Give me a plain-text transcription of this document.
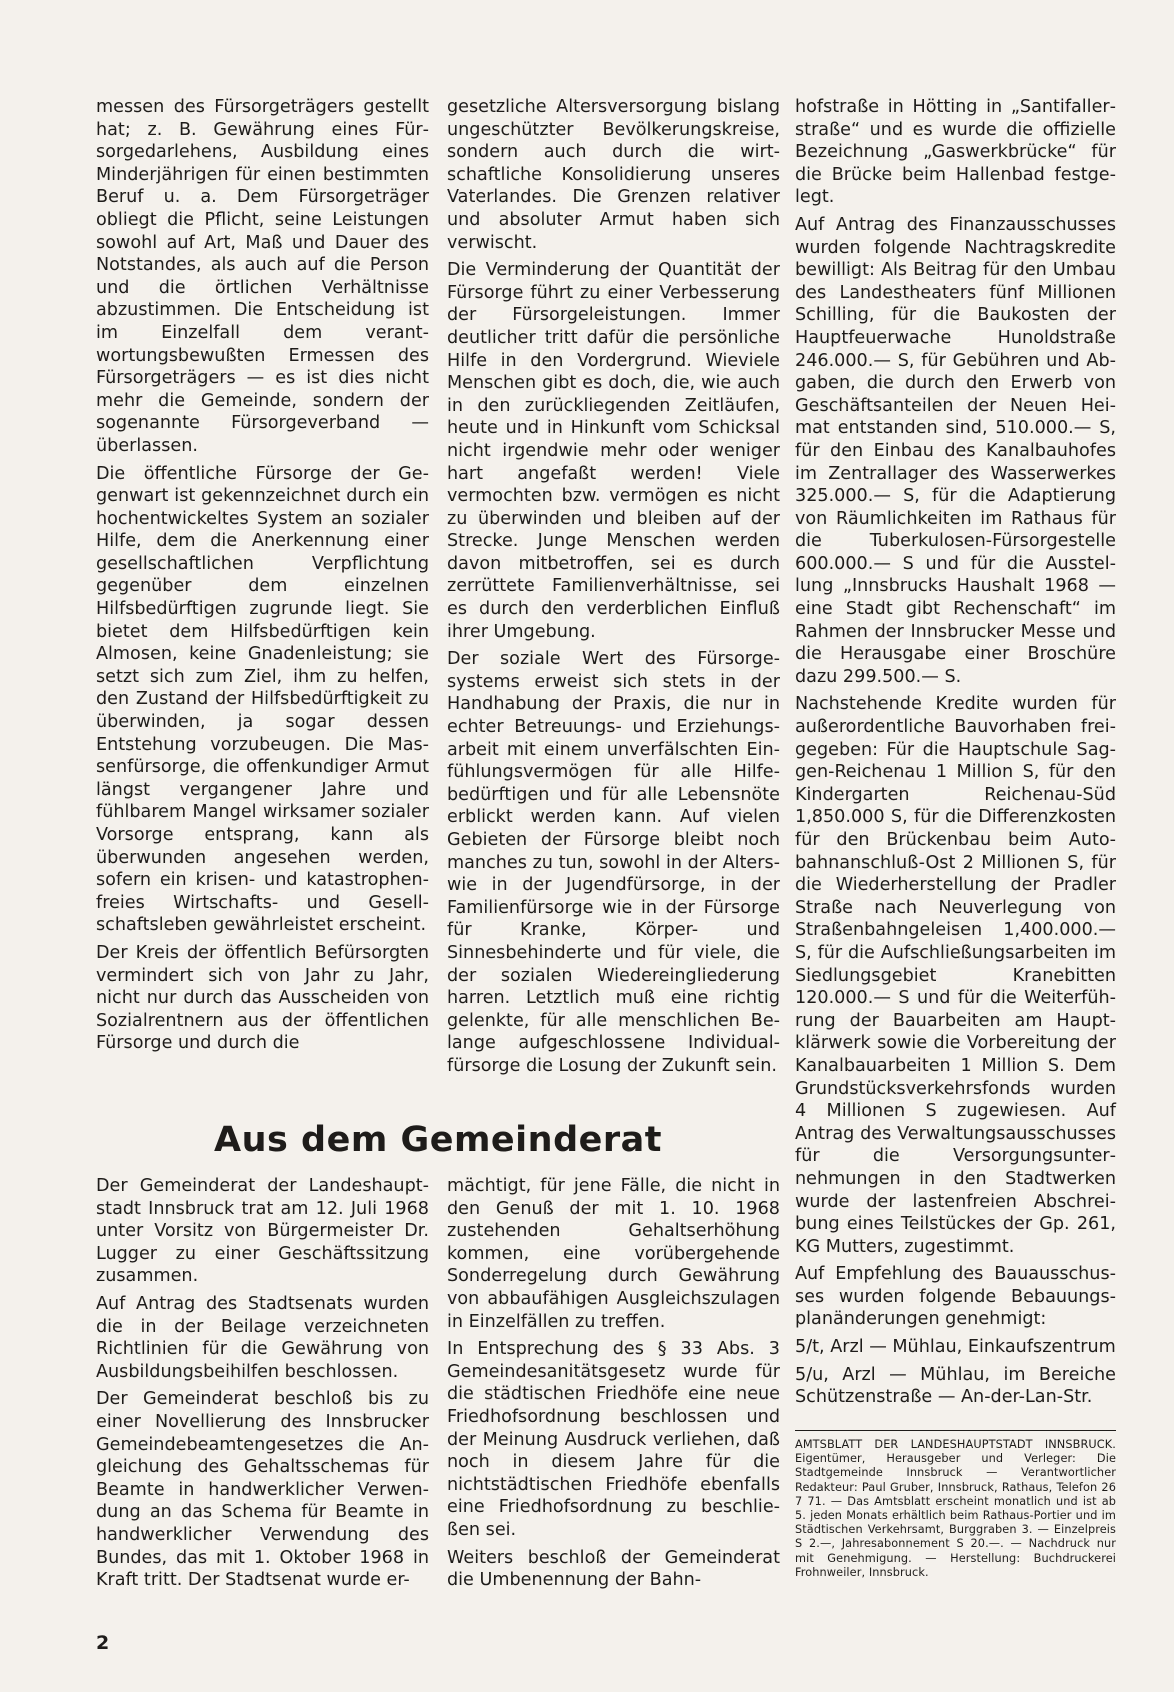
messen des Fürsorgeträgers gestellt hat; z. B. Gewährung eines Fürsorgedarlehens, Ausbildung eines Minderjährigen für einen bestimmten Beruf u. a. Dem Fürsorgeträger obliegt die Pflicht, seine Leistungen sowohl auf Art, Maß und Dauer des Notstandes, als auch auf die Person und die örtlichen Verhältnisse abzustimmen. Die Entscheidung ist im Einzelfall dem verantwortungsbewußten Ermessen des Fürsorgeträgers — es ist dies nicht mehr die Gemeinde, sondern der sogenannte Fürsorgeverband — überlassen.

Die öffentliche Fürsorge der Gegenwart ist gekennzeichnet durch ein hochentwickeltes System an sozialer Hilfe, dem die Anerkennung einer gesellschaftlichen Verpflichtung gegenüber dem einzelnen Hilfsbedürftigen zugrunde liegt. Sie bietet dem Hilfsbedürftigen kein Almosen, keine Gnadenleistung; sie setzt sich zum Ziel, ihm zu helfen, den Zustand der Hilfsbedürftigkeit zu überwinden, ja sogar dessen Entstehung vorzubeugen. Die Massenfürsorge, die offenkundiger Armut längst vergangener Jahre und fühlbarem Mangel wirksamer sozialer Vorsorge entsprang, kann als überwunden angesehen werden, sofern ein krisen- und katastrophenfreies Wirtschafts- und Gesellschaftsleben gewährleistet erscheint.

Der Kreis der öffentlich Befürsorgten vermindert sich von Jahr zu Jahr, nicht nur durch das Ausscheiden von Sozialrentnern aus der öffentlichen Fürsorge und durch die

gesetzliche Altersversorgung bislang ungeschützter Bevölkerungskreise, sondern auch durch die wirtschaftliche Konsolidierung unseres Vaterlandes. Die Grenzen relativer und absoluter Armut haben sich verwischt.

Die Verminderung der Quantität der Fürsorge führt zu einer Verbesserung der Fürsorgeleistungen. Immer deutlicher tritt dafür die persönliche Hilfe in den Vordergrund. Wieviele Menschen gibt es doch, die, wie auch in den zurückliegenden Zeitläufen, heute und in Hinkunft vom Schicksal nicht irgendwie mehr oder weniger hart angefaßt werden! Viele vermochten bzw. vermögen es nicht zu überwinden und bleiben auf der Strecke. Junge Menschen werden davon mitbetroffen, sei es durch zerrüttete Familienverhältnisse, sei es durch den verderblichen Einfluß ihrer Umgebung.

Der soziale Wert des Fürsorgesystems erweist sich stets in der Handhabung der Praxis, die nur in echter Betreuungs- und Erziehungsarbeit mit einem unverfälschten Einfühlungsvermögen für alle Hilfebedürftigen und für alle Lebensnöte erblickt werden kann. Auf vielen Gebieten der Fürsorge bleibt noch manches zu tun, sowohl in der Alters- wie in der Jugendfürsorge, in der Familienfürsorge wie in der Fürsorge für Kranke, Körper- und Sinnesbehinderte und für viele, die der sozialen Wiedereingliederung harren. Letztlich muß eine richtig gelenkte, für alle menschlichen Belange aufgeschlossene Individualfürsorge die Losung der Zukunft sein.

hofstraße in Hötting in „Santifallerstraße“ und es wurde die offizielle Bezeichnung „Gaswerkbrücke“ für die Brücke beim Hallenbad festgelegt.

Auf Antrag des Finanzausschusses wurden folgende Nachtragskredite bewilligt: Als Beitrag für den Umbau des Landestheaters fünf Millionen Schilling, für die Baukosten der Hauptfeuerwache Hunoldstraße 246.000.— S, für Gebühren und Abgaben, die durch den Erwerb von Geschäftsanteilen der Neuen Heimat entstanden sind, 510.000.— S, für den Einbau des Kanalbauhofes im Zentrallager des Wasserwerkes 325.000.— S, für die Adaptierung von Räumlichkeiten im Rathaus für die Tuberkulosen-Fürsorgestelle 600.000.— S und für die Ausstellung „Innsbrucks Haushalt 1968 — eine Stadt gibt Rechenschaft“ im Rahmen der Innsbrucker Messe und die Herausgabe einer Broschüre dazu 299.500.— S.

Nachstehende Kredite wurden für außerordentliche Bauvorhaben freigegeben: Für die Hauptschule Saggen-Reichenau 1 Million S, für den Kindergarten Reichenau-Süd 1,850.000 S, für die Differenzkosten für den Brückenbau beim Autobahnanschluß-Ost 2 Millionen S, für die Wiederherstellung der Pradler Straße nach Neuverlegung von Straßenbahngeleisen 1,400.000.— S, für die Aufschließungsarbeiten im Siedlungsgebiet Kranebitten 120.000.— S und für die Weiterführung der Bauarbeiten am Hauptklärwerk sowie die Vorbereitung der Kanalbauarbeiten 1 Million S. Dem Grundstücksverkehrsfonds wurden 4 Millionen S zugewiesen. Auf Antrag des Verwaltungsausschusses für die Versorgungsunternehmungen in den Stadtwerken wurde der lastenfreien Abschreibung eines Teilstückes der Gp. 261, KG Mutters, zugestimmt.

Auf Empfehlung des Bauausschusses wurden folgende Bebauungsplanänderungen genehmigt:

5/t, Arzl — Mühlau, Einkaufszentrum

5/u, Arzl — Mühlau, im Bereiche Schützenstraße — An-der-Lan-Str.

Aus dem Gemeinderat

Der Gemeinderat der Landeshauptstadt Innsbruck trat am 12. Juli 1968 unter Vorsitz von Bürgermeister Dr. Lugger zu einer Geschäftssitzung zusammen.

Auf Antrag des Stadtsenats wurden die in der Beilage verzeichneten Richtlinien für die Gewährung von Ausbildungsbeihilfen beschlossen.

Der Gemeinderat beschloß bis zu einer Novellierung des Innsbrucker Gemeindebeamtengesetzes die Angleichung des Gehaltsschemas für Beamte in handwerklicher Verwendung an das Schema für Beamte in handwerklicher Verwendung des Bundes, das mit 1. Oktober 1968 in Kraft tritt. Der Stadtsenat wurde er-

mächtigt, für jene Fälle, die nicht in den Genuß der mit 1. 10. 1968 zustehenden Gehaltserhöhung kommen, eine vorübergehende Sonderregelung durch Gewährung von abbaufähigen Ausgleichszulagen in Einzelfällen zu treffen.

In Entsprechung des § 33 Abs. 3 Gemeindesanitätsgesetz wurde für die städtischen Friedhöfe eine neue Friedhofsordnung beschlossen und der Meinung Ausdruck verliehen, daß noch in diesem Jahre für die nichtstädtischen Friedhöfe ebenfalls eine Friedhofsordnung zu beschließen sei.

Weiters beschloß der Gemeinderat die Umbenennung der Bahn-

AMTSBLATT DER LANDESHAUPTSTADT INNSBRUCK. Eigentümer, Herausgeber und Verleger: Die Stadtgemeinde Innsbruck — Verantwortlicher Redakteur: Paul Gruber, Innsbruck, Rathaus, Telefon 26 7 71. — Das Amtsblatt erscheint monatlich und ist ab 5. jeden Monats erhältlich beim Rathaus-Portier und im Städtischen Verkehrsamt, Burggraben 3. — Einzelpreis S 2.—, Jahresabonnement S 20.—. — Nachdruck nur mit Genehmigung. — Herstellung: Buchdruckerei Frohnweiler, Innsbruck.
2
